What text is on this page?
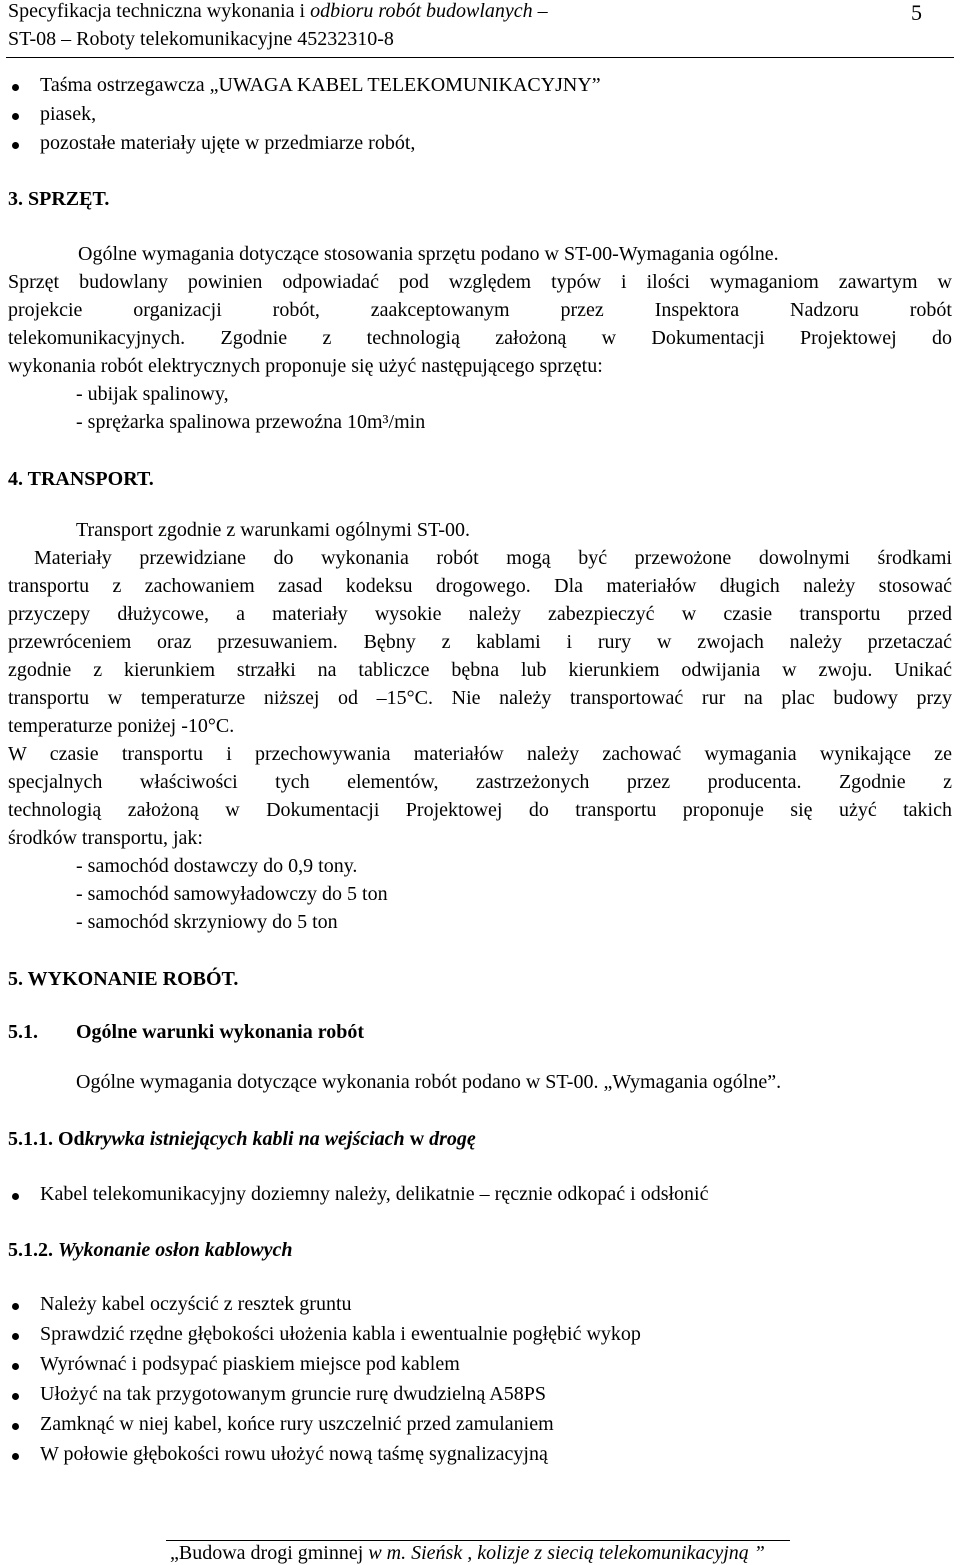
Specyfikacja techniczna wykonania i odbioru robót budowlanych –
ST-08 – Roboty telekomunikacyjne 45232310-8
5
Taśma ostrzegawcza „UWAGA KABEL TELEKOMUNIKACYJNY”
piasek,
pozostałe materiały ujęte w przedmiarze robót,
3. SPRZĘT.
Ogólne wymagania dotyczące stosowania sprzętu podano w ST-00-Wymagania ogólne.
Sprzęt budowlany powinien odpowiadać pod względem typów i ilości wymaganiom zawartym w
projekcie organizacji robót, zaakceptowanym przez Inspektora Nadzoru robót
telekomunikacyjnych. Zgodnie z technologią założoną w Dokumentacji Projektowej do
wykonania robót elektrycznych proponuje się użyć następującego sprzętu:
- ubijak spalinowy,
- sprężarka spalinowa przewoźna 10m³/min
4. TRANSPORT.
Transport zgodnie z warunkami ogólnymi ST-00.
Materiały przewidziane do wykonania robót mogą być przewożone dowolnymi środkami
transportu z zachowaniem zasad kodeksu drogowego. Dla materiałów długich należy stosować
przyczepy dłużycowe, a materiały wysokie należy zabezpieczyć w czasie transportu przed
przewróceniem oraz przesuwaniem. Bębny z kablami i rury w zwojach należy przetaczać
zgodnie z kierunkiem strzałki na tabliczce bębna lub kierunkiem odwijania w zwoju. Unikać
transportu w temperaturze niższej od –15°C. Nie należy transportować rur na plac budowy przy
temperaturze poniżej -10°C.
W czasie transportu i przechowywania materiałów należy zachować wymagania wynikające ze
specjalnych właściwości tych elementów, zastrzeżonych przez producenta. Zgodnie z
technologią założoną w Dokumentacji Projektowej do transportu proponuje się użyć takich
środków transportu, jak:
- samochód dostawczy do 0,9 tony.
- samochód samowyładowczy do 5 ton
- samochód skrzyniowy do 5 ton
5. WYKONANIE ROBÓT.
5.1. Ogólne warunki wykonania robót
Ogólne wymagania dotyczące wykonania robót podano w ST-00. „Wymagania ogólne”.
5.1.1. Odkrywka istniejących kabli na wejściach w drogę
Kabel telekomunikacyjny doziemny należy, delikatnie – ręcznie odkopać i odsłonić
5.1.2. Wykonanie osłon kablowych
Należy kabel oczyścić z resztek gruntu
Sprawdzić rzędne głębokości ułożenia kabla i ewentualnie pogłębić wykop
Wyrównać i podsypać piaskiem miejsce pod kablem
Ułożyć na tak przygotowanym gruncie rurę dwudzielną A58PS
Zamknąć w niej kabel, końce rury uszczelnić przed zamulaniem
W połowie głębokości rowu ułożyć nową taśmę sygnalizacyjną
„Budowa drogi gminnej w m. Sieńsk , kolizje z siecią telekomunikacyjną ”
